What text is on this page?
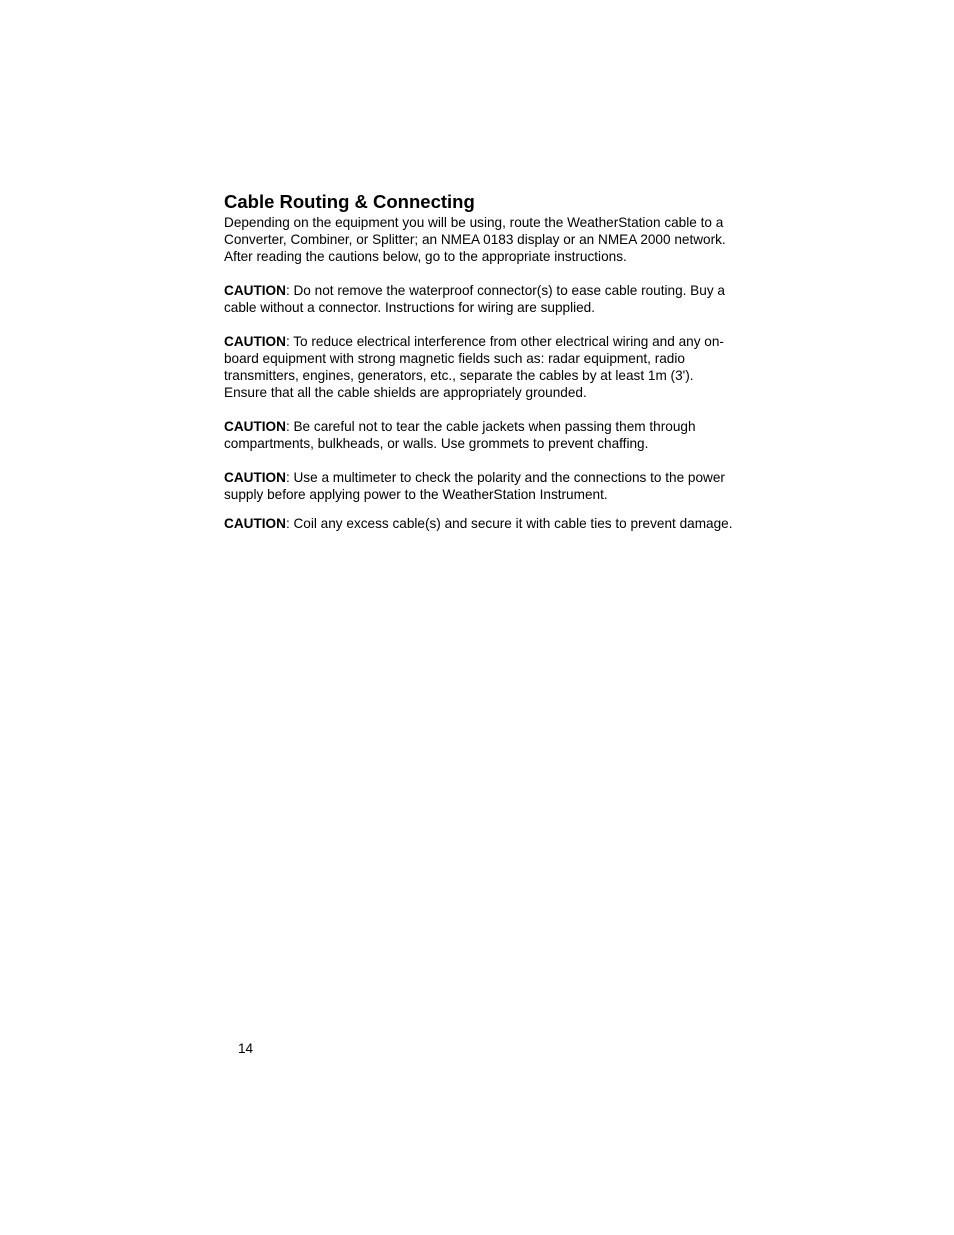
Cable Routing & Connecting

Depending on the equipment you will be using, route the WeatherStation cable to a Converter, Combiner, or Splitter; an NMEA 0183 display or an NMEA 2000 network. After reading the cautions below, go to the appropriate instructions.

CAUTION: Do not remove the waterproof connector(s) to ease cable routing. Buy a cable without a connector. Instructions for wiring are supplied.

CAUTION: To reduce electrical interference from other electrical wiring and any on-board equipment with strong magnetic fields such as: radar equipment, radio transmitters, engines, generators, etc., separate the cables by at least 1m (3'). Ensure that all the cable shields are appropriately grounded.

CAUTION: Be careful not to tear the cable jackets when passing them through compartments, bulkheads, or walls. Use grommets to prevent chaffing.

CAUTION: Use a multimeter to check the polarity and the connections to the power supply before applying power to the WeatherStation Instrument.

CAUTION: Coil any excess cable(s) and secure it with cable ties to prevent damage.

14
